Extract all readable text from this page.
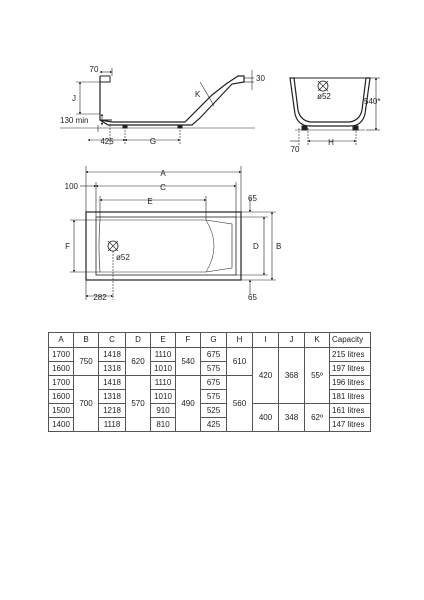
70
30
J	K
130 min
425	G
ø52
540*
70
H
100
A
C
E	65
F	D B
ø52
282	65
A	B	C	D	E	F	G	H	I	J	K	Capacity
1700	750	1418	620	1110	540	675	610	420	368	55º	215 litres
1600		1318		1010		575					197 litres
1700	700	1418	570	1110	490	675	560				196 litres
1600		1318		1010		575					181 litres
1500		1218		910		525		400	348	62º	161 litres
1400		1118		810		425					147 litres
